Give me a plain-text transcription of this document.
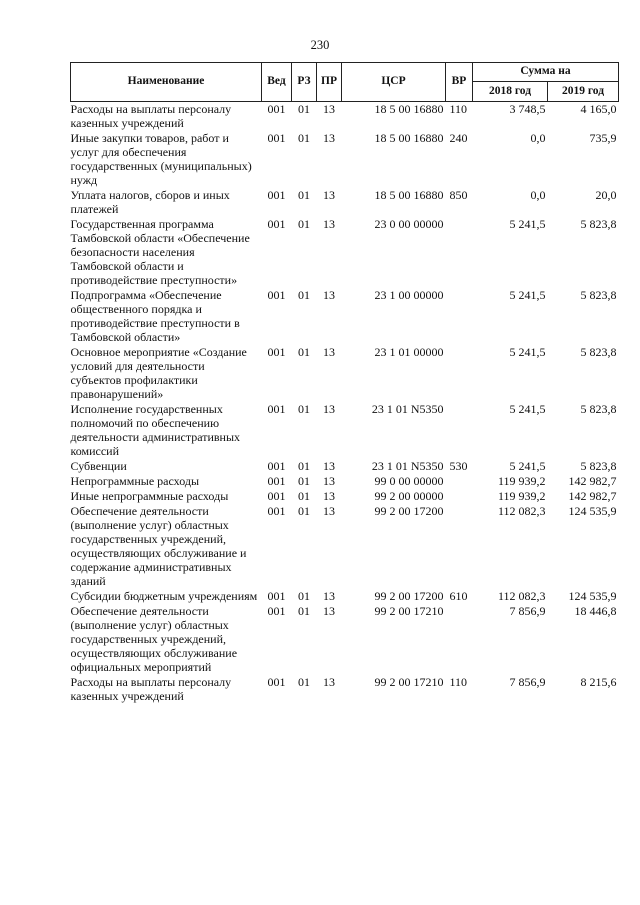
230
Наименование	Вед	РЗ	ПР	ЦСР	ВР	Сумма на	
						2018 год	2019 год
Расходы на выплаты персоналу казенных учреждений	001	01	13	18 5 00 16880	110	3 748,5	4 165,0
Иные закупки товаров, работ и услуг для обеспечения государственных (муниципальных) нужд	001	01	13	18 5 00 16880	240	0,0	735,9
Уплата налогов, сборов и иных платежей	001	01	13	18 5 00 16880	850	0,0	20,0
Государственная программа Тамбовской области «Обеспечение безопасности населения Тамбовской области и противодействие преступности»	001	01	13	23 0 00 00000		5 241,5	5 823,8
Подпрограмма «Обеспечение общественного порядка и противодействие преступности в Тамбовской области»	001	01	13	23 1 00 00000		5 241,5	5 823,8
Основное мероприятие «Создание условий для деятельности субъектов профилактики правонарушений»	001	01	13	23 1 01 00000		5 241,5	5 823,8
Исполнение государственных полномочий по обеспечению деятельности административных комиссий	001	01	13	23 1 01 N5350		5 241,5	5 823,8
Субвенции	001	01	13	23 1 01 N5350	530	5 241,5	5 823,8
Непрограммные расходы	001	01	13	99 0 00 00000		119 939,2	142 982,7
Иные непрограммные расходы	001	01	13	99 2 00 00000		119 939,2	142 982,7
Обеспечение деятельности (выполнение услуг) областных государственных учреждений, осуществляющих обслуживание и содержание административных зданий	001	01	13	99 2 00 17200		112 082,3	124 535,9
Субсидии бюджетным учреждениям	001	01	13	99 2 00 17200	610	112 082,3	124 535,9
Обеспечение деятельности (выполнение услуг) областных государственных учреждений, осуществляющих обслуживание официальных мероприятий	001	01	13	99 2 00 17210		7 856,9	18 446,8
Расходы на выплаты персоналу казенных учреждений	001	01	13	99 2 00 17210	110	7 856,9	8 215,6
